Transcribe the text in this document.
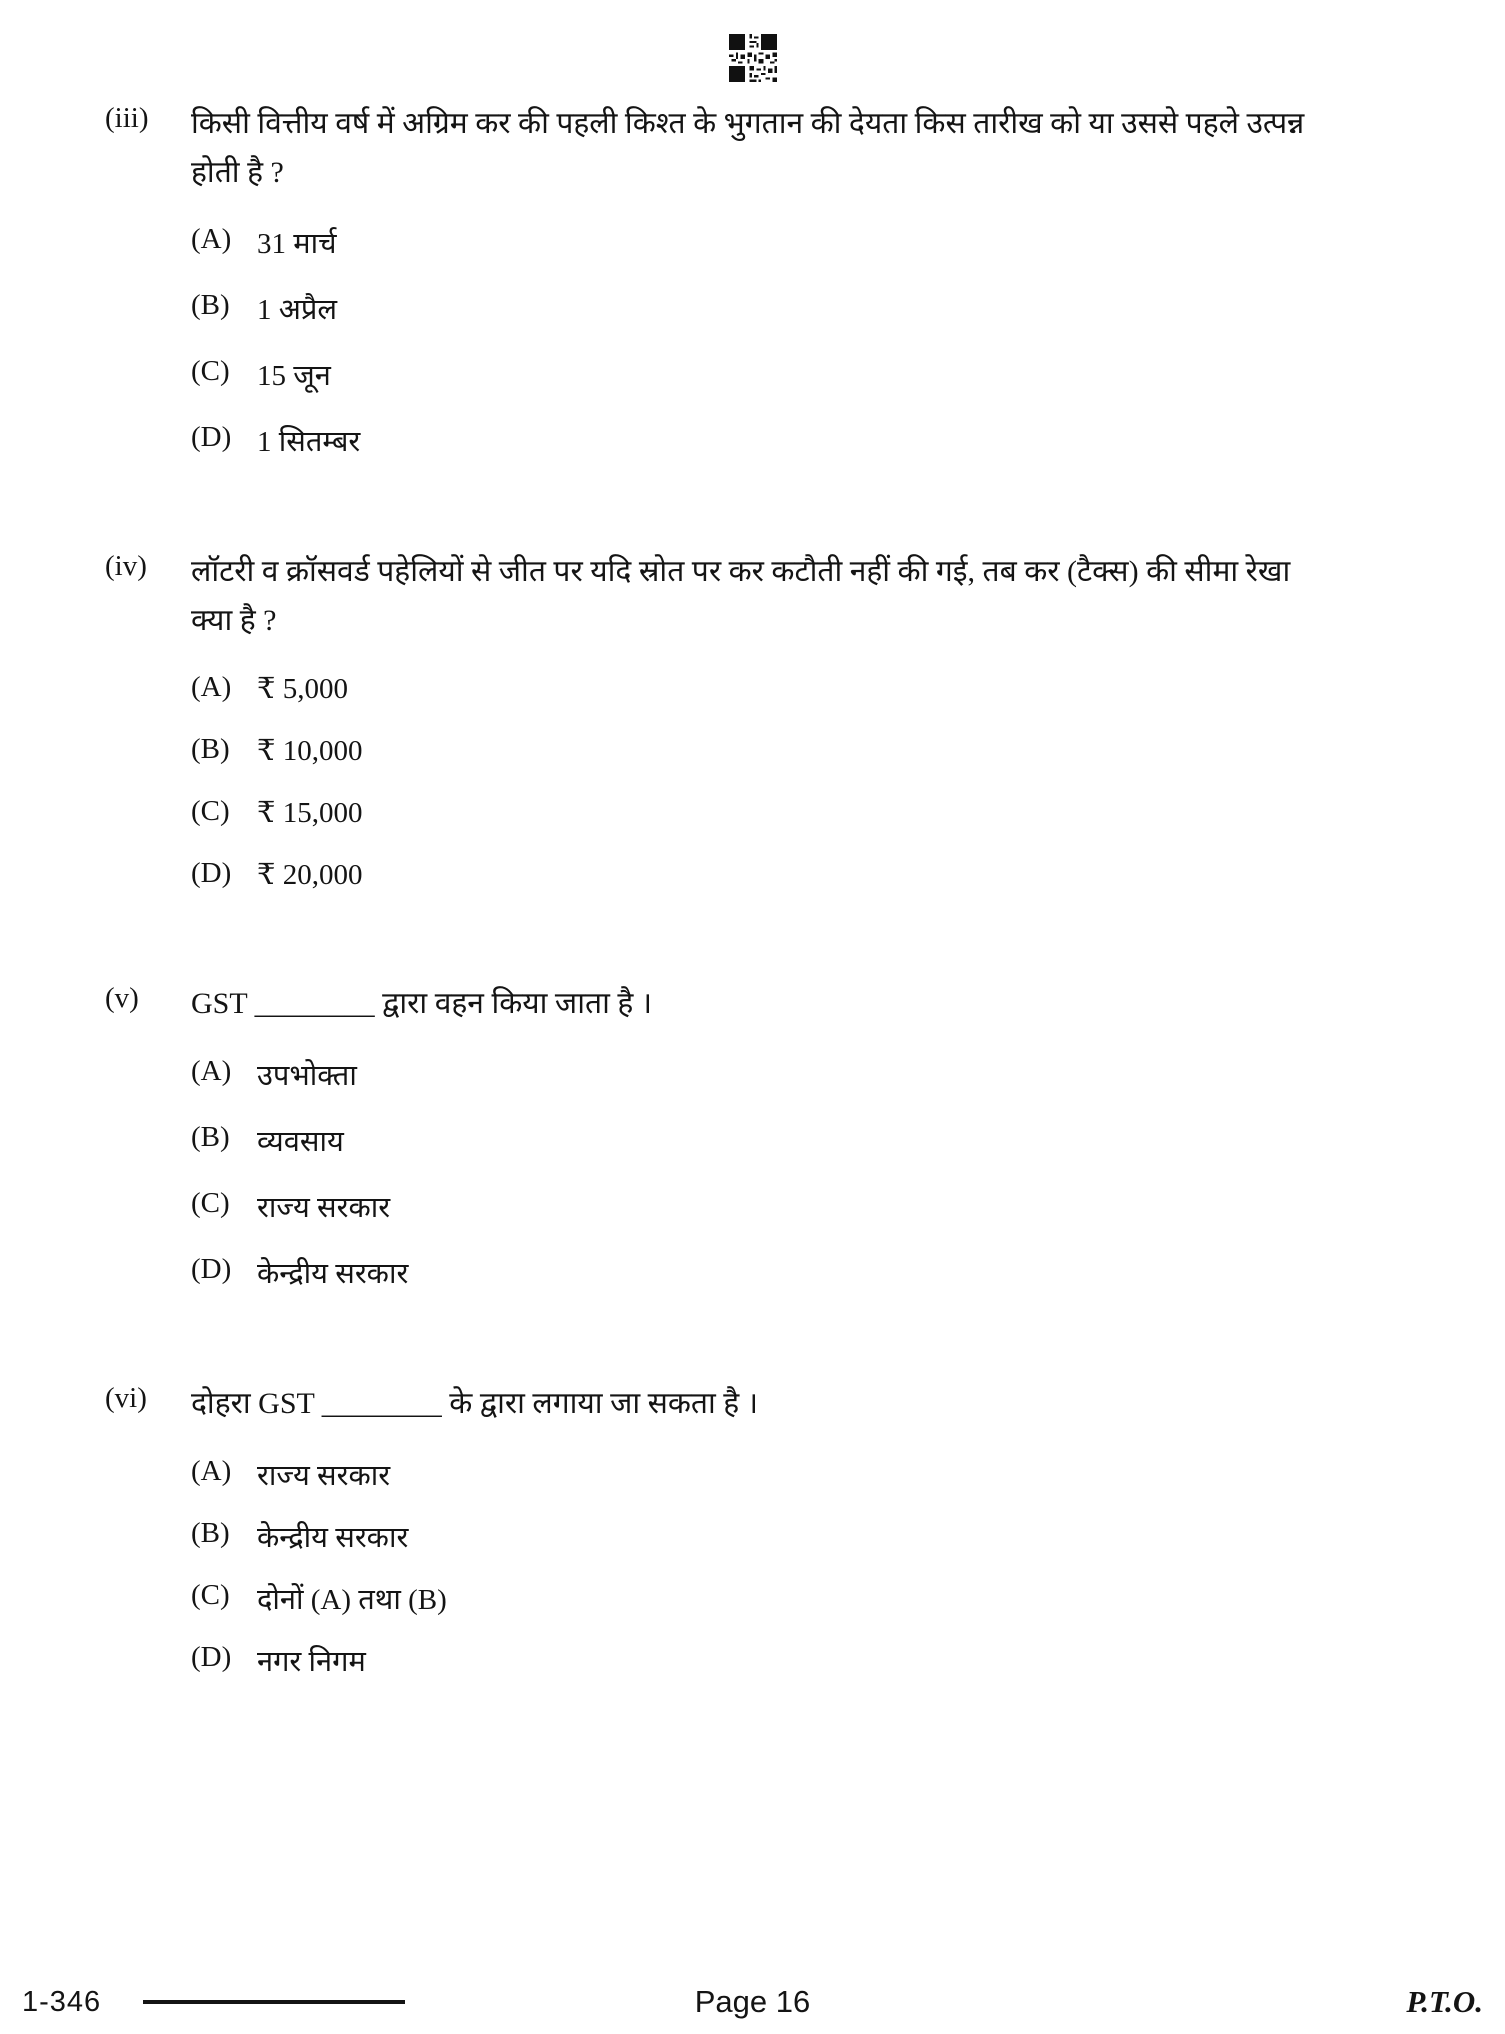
(iii)	किसी वित्तीय वर्ष में अग्रिम कर की पहली किश्त के भुगतान की देयता किस तारीख को या उससे पहले उत्पन्न होती है ?
(A) 31 मार्च
(B) 1 अप्रैल
(C) 15 जून
(D) 1 सितम्बर
(iv)	लॉटरी व क्रॉसवर्ड पहेलियों से जीत पर यदि स्रोत पर कर कटौती नहीं की गई, तब कर (टैक्स) की सीमा रेखा क्या है ?
(A) ₹ 5,000
(B) ₹ 10,000
(C) ₹ 15,000
(D) ₹ 20,000
(v)	GST ________ द्वारा वहन किया जाता है ।
(A) उपभोक्ता
(B) व्यवसाय
(C) राज्य सरकार
(D) केन्द्रीय सरकार
(vi)	दोहरा GST ________ के द्वारा लगाया जा सकता है ।
(A) राज्य सरकार
(B) केन्द्रीय सरकार
(C) दोनों (A) तथा (B)
(D) नगर निगम
1-346	Page 16	P.T.O.
